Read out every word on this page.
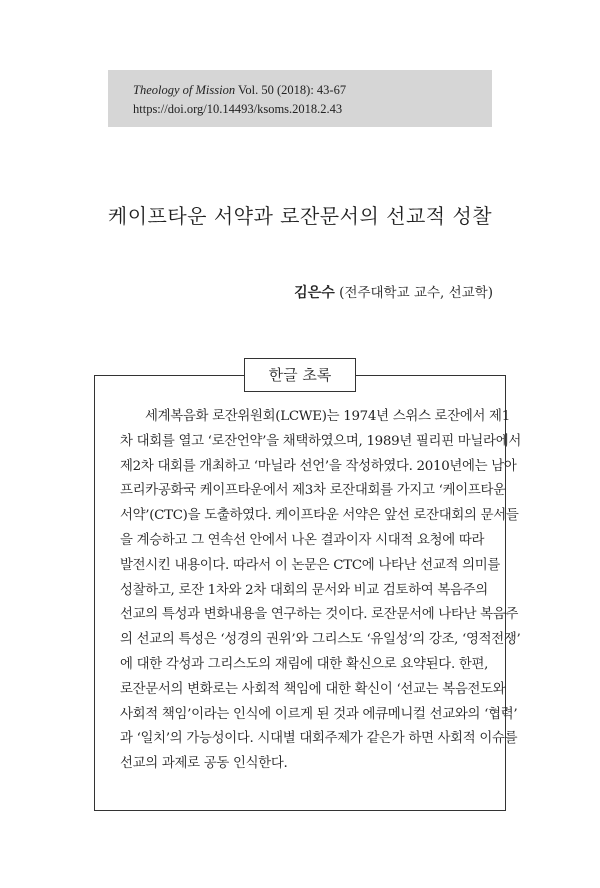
Theology of Mission Vol. 50 (2018): 43-67
https://doi.org/10.14493/ksoms.2018.2.43
케이프타운 서약과 로잔문서의 선교적 성찰
김은수 (전주대학교 교수, 선교학)
한글 초록
세계복음화 로잔위원회(LCWE)는 1974년 스위스 로잔에서 제1
차 대회를 열고 ‘로잔언약’을 채택하였으며, 1989년 필리핀 마닐라에서
제2차 대회를 개최하고 ‘마닐라 선언’을 작성하였다. 2010년에는 남아
프리카공화국 케이프타운에서 제3차 로잔대회를 가지고 ‘케이프타운
서약’(CTC)을 도출하였다. 케이프타운 서약은 앞선 로잔대회의 문서들
을 계승하고 그 연속선 안에서 나온 결과이자 시대적 요청에 따라
발전시킨 내용이다. 따라서 이 논문은 CTC에 나타난 선교적 의미를
성찰하고, 로잔 1차와 2차 대회의 문서와 비교 검토하여 복음주의
선교의 특성과 변화내용을 연구하는 것이다. 로잔문서에 나타난 복음주
의 선교의 특성은 ‘성경의 권위’와 그리스도 ‘유일성’의 강조, ‘영적전쟁’
에 대한 각성과 그리스도의 재림에 대한 확신으로 요약된다. 한편,
로잔문서의 변화로는 사회적 책임에 대한 확신이 ‘선교는 복음전도와
사회적 책임’이라는 인식에 이르게 된 것과 에큐메니컬 선교와의 ‘협력’
과 ‘일치’의 가능성이다. 시대별 대회주제가 같은가 하면 사회적 이슈를
선교의 과제로 공동 인식한다.
